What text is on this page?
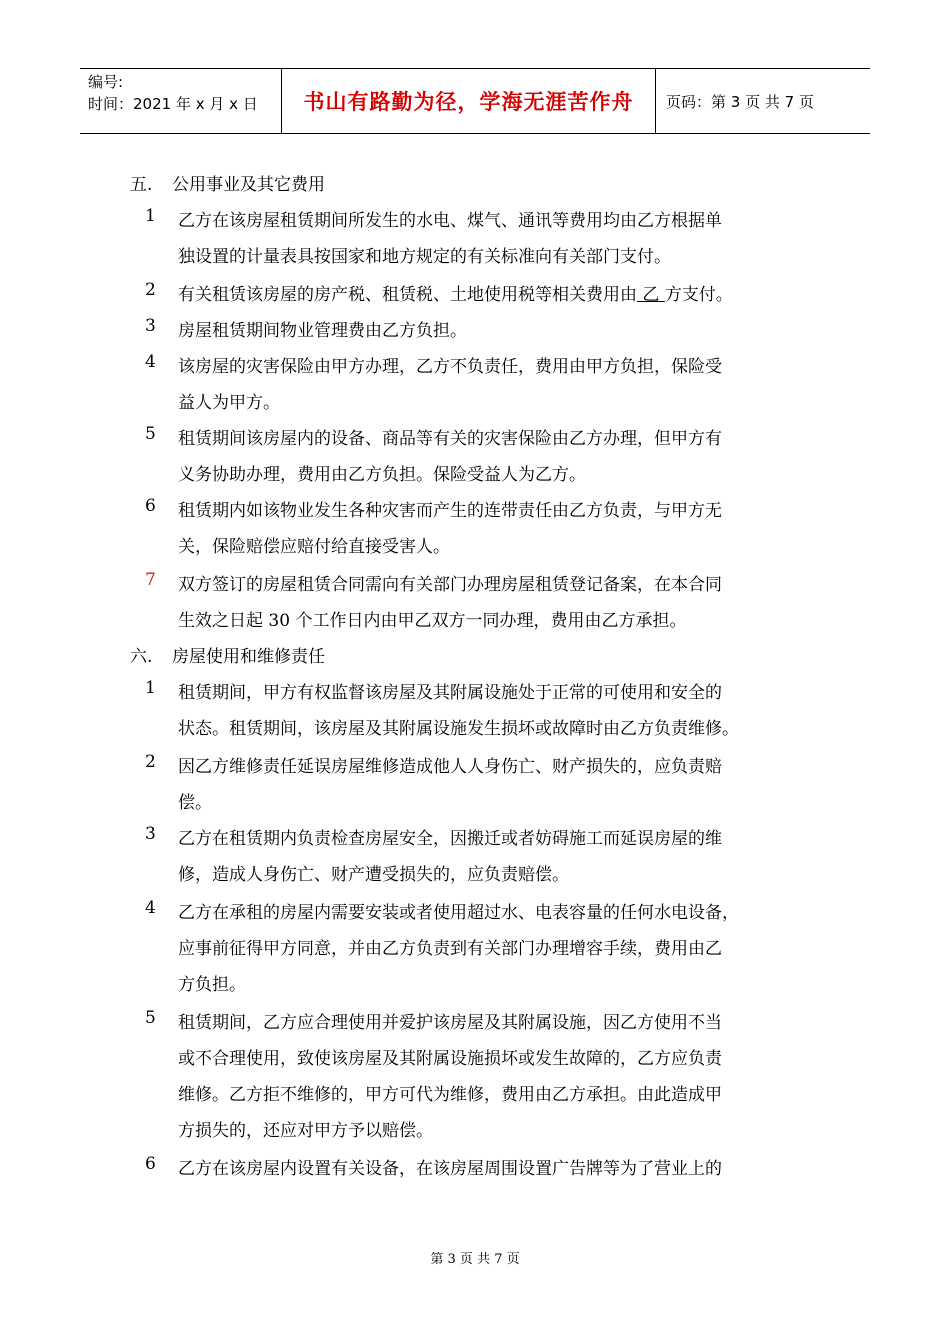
编号:
时间：2021 年 x 月 x 日	书山有路勤为径，学海无涯苦作舟	页码：第 3 页 共 7 页
五. 公用事业及其它费用
1	乙方在该房屋租赁期间所发生的水电、煤气、通讯等费用均由乙方根据单
独设置的计量表具按国家和地方规定的有关标准向有关部门支付。
2	有关租赁该房屋的房产税、租赁税、土地使用税等相关费用由 乙 方支付。
3	房屋租赁期间物业管理费由乙方负担。
4	该房屋的灾害保险由甲方办理，乙方不负责任，费用由甲方负担，保险受
益人为甲方。
5	租赁期间该房屋内的设备、商品等有关的灾害保险由乙方办理，但甲方有
义务协助办理，费用由乙方负担。保险受益人为乙方。
6	租赁期内如该物业发生各种灾害而产生的连带责任由乙方负责，与甲方无
关，保险赔偿应赔付给直接受害人。
7	双方签订的房屋租赁合同需向有关部门办理房屋租赁登记备案，在本合同
生效之日起 30 个工作日内由甲乙双方一同办理，费用由乙方承担。
六. 房屋使用和维修责任
1	租赁期间，甲方有权监督该房屋及其附属设施处于正常的可使用和安全的
状态。租赁期间，该房屋及其附属设施发生损坏或故障时由乙方负责维修。
2	因乙方维修责任延误房屋维修造成他人人身伤亡、财产损失的，应负责赔
偿。
3	乙方在租赁期内负责检查房屋安全，因搬迁或者妨碍施工而延误房屋的维
修，造成人身伤亡、财产遭受损失的，应负责赔偿。
4	乙方在承租的房屋内需要安装或者使用超过水、电表容量的任何水电设备，
应事前征得甲方同意，并由乙方负责到有关部门办理增容手续，费用由乙
方负担。
5	租赁期间，乙方应合理使用并爱护该房屋及其附属设施，因乙方使用不当
或不合理使用，致使该房屋及其附属设施损坏或发生故障的，乙方应负责
维修。乙方拒不维修的，甲方可代为维修，费用由乙方承担。由此造成甲
方损失的，还应对甲方予以赔偿。
6	乙方在该房屋内设置有关设备，在该房屋周围设置广告牌等为了营业上的
第 3 页 共 7 页
